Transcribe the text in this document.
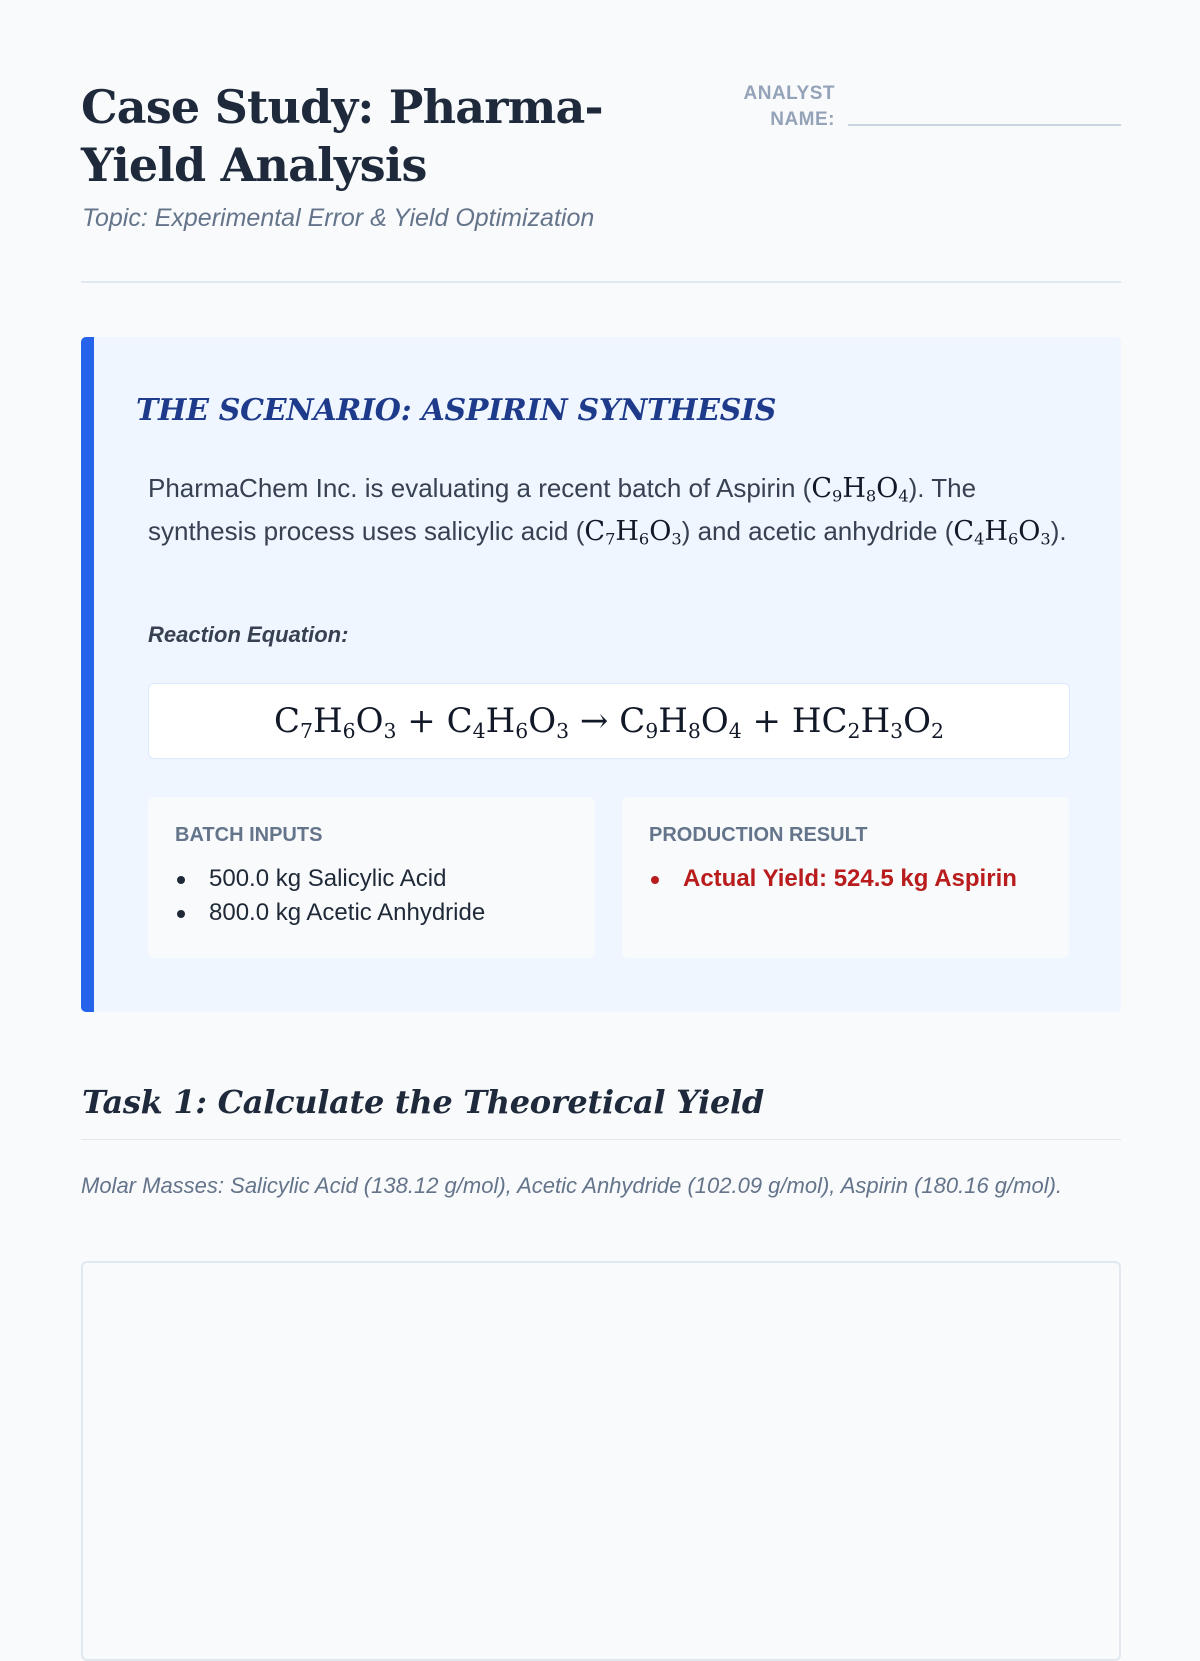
Case Study: Pharma-Yield Analysis
Topic: Experimental Error & Yield Optimization
ANALYST NAME:
THE SCENARIO: ASPIRIN SYNTHESIS
PharmaChem Inc. is evaluating a recent batch of Aspirin $(C_9H_8O_4)$. The synthesis process uses salicylic acid $(C_7H_6O_3)$ and acetic anhydride $(C_4H_6O_3)$.
Reaction Equation:
$C_7H_6O_3 + C_4H_6O_3 \to C_9H_8O_4 + HC_2H_3O_2$
BATCH INPUTS
500.0 kg Salicylic Acid
800.0 kg Acetic Anhydride
PRODUCTION RESULT
Actual Yield: 524.5 kg Aspirin
Task 1: Calculate the Theoretical Yield
Molar Masses: Salicylic Acid (138.12 g/mol), Acetic Anhydride (102.09 g/mol), Aspirin (180.16 g/mol).
